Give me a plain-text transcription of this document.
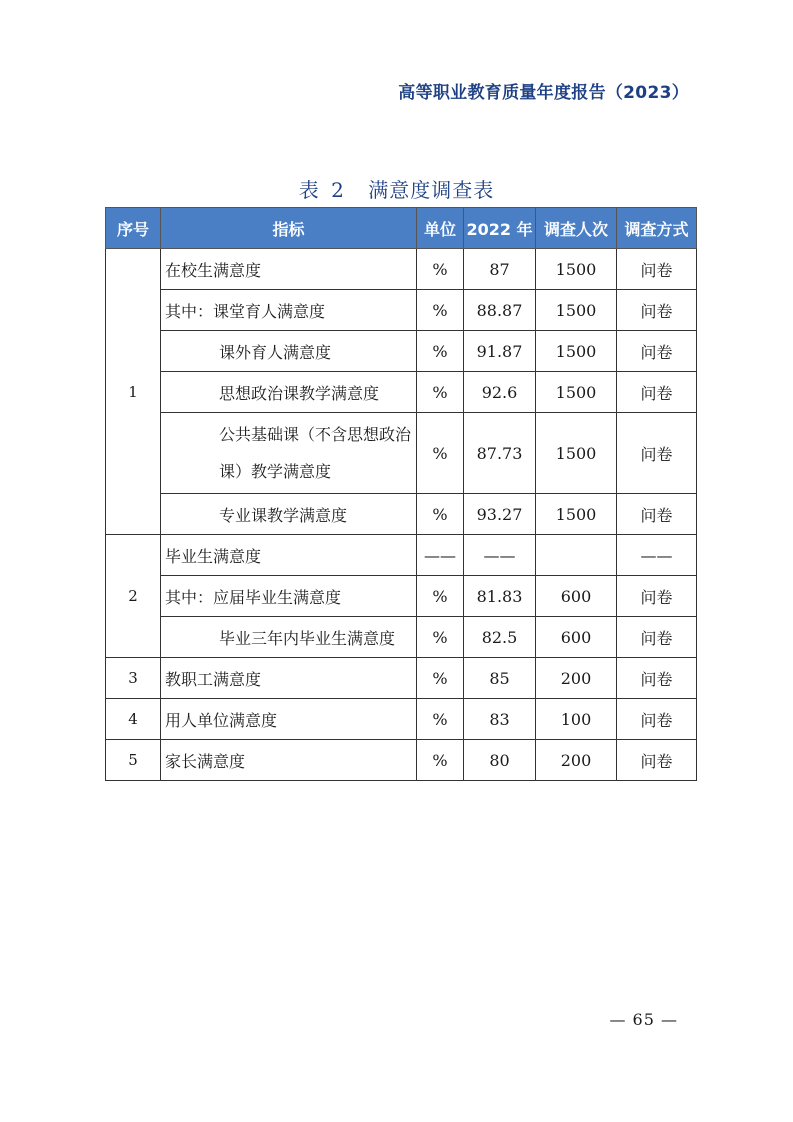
高等职业教育质量年度报告（2023）
表 2 满意度调查表
序号	指标	单位	2022 年	调查人次	调查方式
1	在校生满意度	%	87	1500	问卷
	其中：课堂育人满意度	%	88.87	1500	问卷
	课外育人满意度	%	91.87	1500	问卷
	思想政治课教学满意度	%	92.6	1500	问卷
	公共基础课（不含思想政治课）教学满意度	%	87.73	1500	问卷
	专业课教学满意度	%	93.27	1500	问卷
2	毕业生满意度	——	——		——
	其中：应届毕业生满意度	%	81.83	600	问卷
	毕业三年内毕业生满意度	%	82.5	600	问卷
3	教职工满意度	%	85	200	问卷
4	用人单位满意度	%	83	100	问卷
5	家长满意度	%	80	200	问卷
— 65 —
